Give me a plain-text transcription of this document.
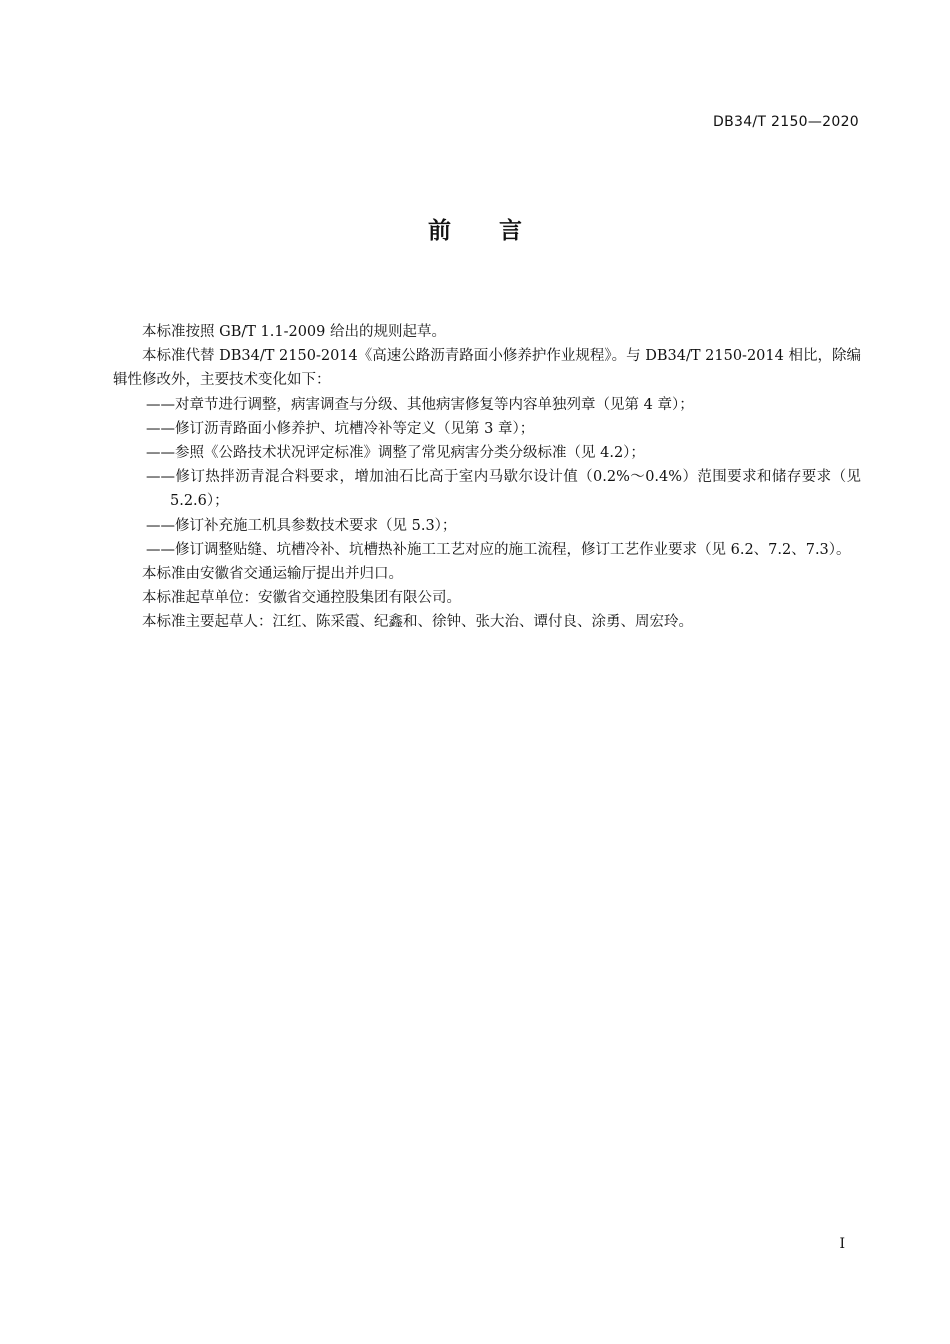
DB34/T 2150—2020
前 言

本标准按照 GB/T 1.1-2009 给出的规则起草。

本标准代替 DB34/T 2150-2014《高速公路沥青路面小修养护作业规程》。与 DB34/T 2150-2014 相比，除编辑性修改外，主要技术变化如下：

——对章节进行调整，病害调查与分级、其他病害修复等内容单独列章（见第 4 章）；

——修订沥青路面小修养护、坑槽冷补等定义（见第 3 章）；

——参照《公路技术状况评定标准》调整了常见病害分类分级标准（见 4.2）；

——修订热拌沥青混合料要求，增加油石比高于室内马歇尔设计值（0.2%～0.4%）范围要求和储存要求（见 5.2.6）；

——修订补充施工机具参数技术要求（见 5.3）；

——修订调整贴缝、坑槽冷补、坑槽热补施工工艺对应的施工流程，修订工艺作业要求（见 6.2、7.2、7.3）。

本标准由安徽省交通运输厅提出并归口。

本标准起草单位：安徽省交通控股集团有限公司。

本标准主要起草人：江红、陈采霞、纪鑫和、徐钟、张大治、谭付良、涂勇、周宏玲。

I
